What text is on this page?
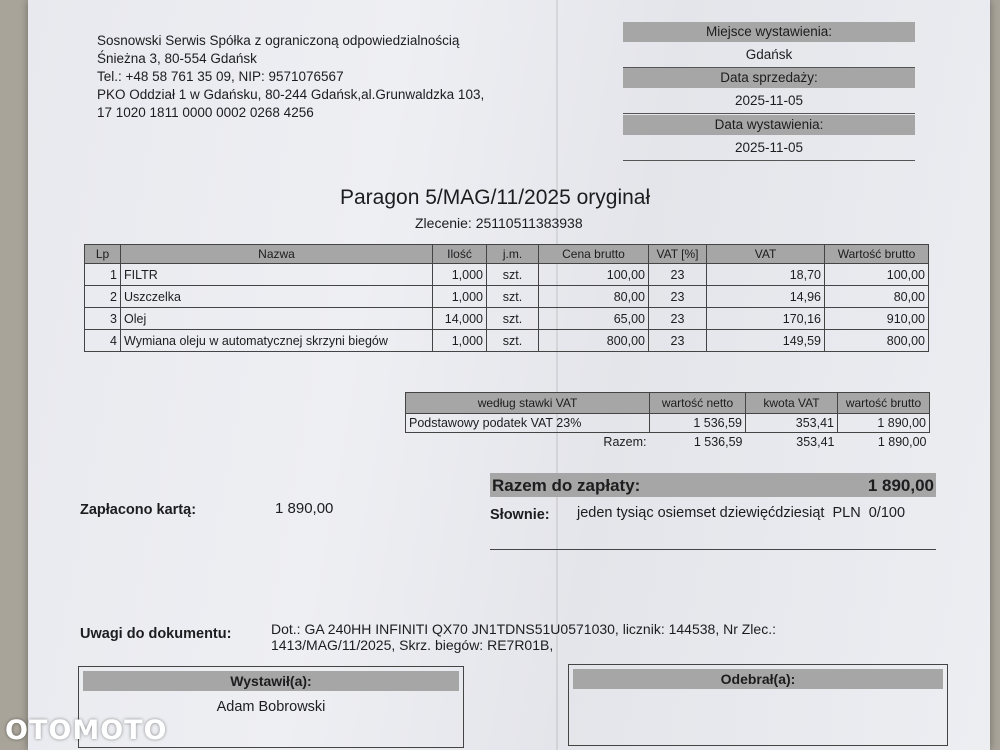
Sosnowski Serwis Spółka z ograniczoną odpowiedzialnością
Śnieżna 3, 80-554 Gdańsk
Tel.: +48 58 761 35 09, NIP: 9571076567
PKO Oddział 1 w Gdańsku, 80-244 Gdańsk,al.Grunwaldzka 103,
17 1020 1811 0000 0002 0268 4256
Miejsce wystawienia:
Gdańsk
Data sprzedaży:
2025-11-05
Data wystawienia:
2025-11-05
Paragon 5/MAG/11/2025 oryginał
Zlecenie: 25110511383938
Lp	Nazwa	Ilość	j.m.	Cena brutto	VAT [%]	VAT	Wartość brutto
1	FILTR	1,000	szt.	100,00	23	18,70	100,00
2	Uszczelka	1,000	szt.	80,00	23	14,96	80,00
3	Olej	14,000	szt.	65,00	23	170,16	910,00
4	Wymiana oleju w automatycznej skrzyni biegów	1,000	szt.	800,00	23	149,59	800,00
według stawki VAT	wartość netto	kwota VAT	wartość brutto
Podstawowy podatek VAT 23%	1 536,59	353,41	1 890,00
Razem:	1 536,59	353,41	1 890,00
Zapłacono kartą:	1 890,00
Razem do zapłaty:	1 890,00
Słownie: jeden tysiąc osiemset dziewięćdziesiąt  PLN  0/100
Uwagi do dokumentu:	Dot.: GA 240HH INFINITI QX70 JN1TDNS51U0571030, licznik: 144538, Nr Zlec.:
1413/MAG/11/2025, Skrz. biegów: RE7R01B,
Wystawił(a):
Adam Bobrowski
Odebrał(a):
OTOMOTO
